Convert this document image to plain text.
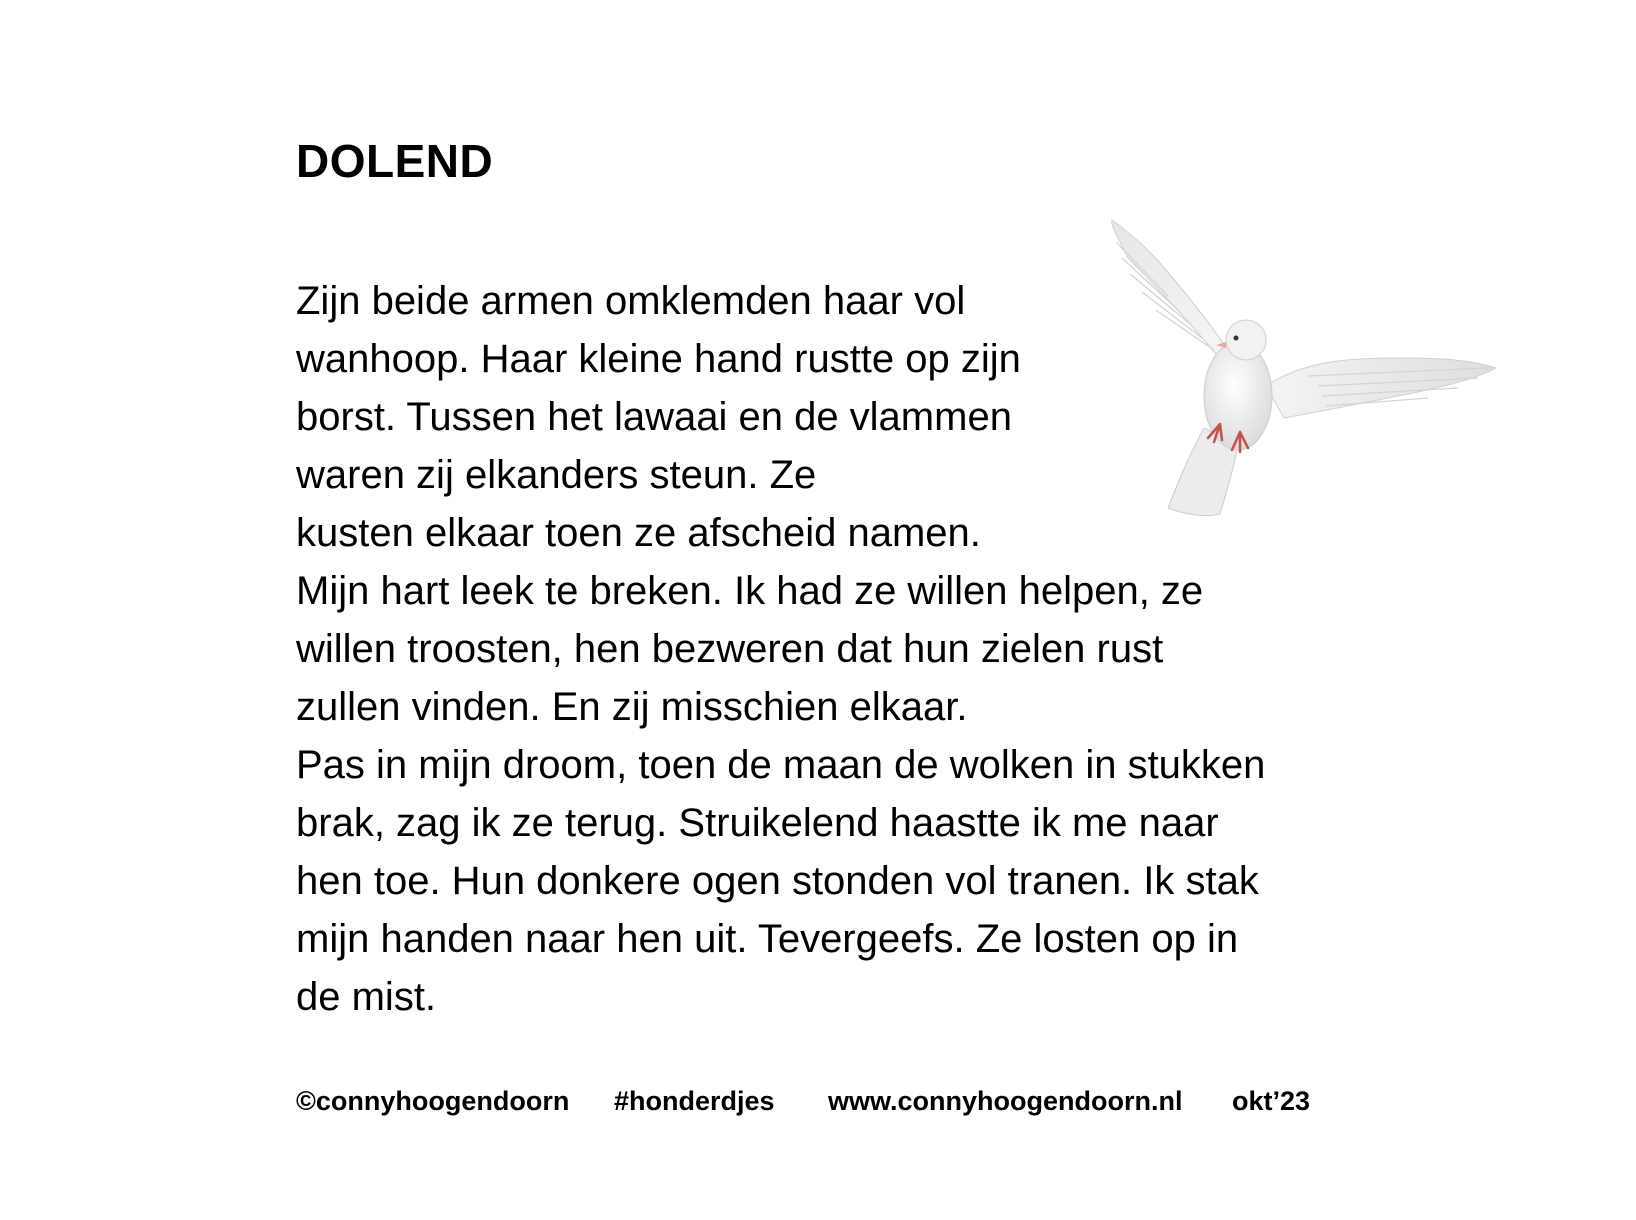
DOLEND
Zijn beide armen omklemden haar vol
wanhoop. Haar kleine hand rustte op zijn
borst. Tussen het lawaai en de vlammen
waren zij elkanders steun. Ze
kusten elkaar toen ze afscheid namen.
Mijn hart leek te breken. Ik had ze willen helpen, ze
willen troosten, hen bezweren dat hun zielen rust
zullen vinden. En zij misschien elkaar.
Pas in mijn droom, toen de maan de wolken in stukken
brak, zag ik ze terug. Struikelend haastte ik me naar
hen toe. Hun donkere ogen stonden vol tranen. Ik stak
mijn handen naar hen uit. Tevergeefs. Ze losten op in
de mist.
©connyhoogendoorn #honderdjes www.connyhoogendoorn.nl okt’23
